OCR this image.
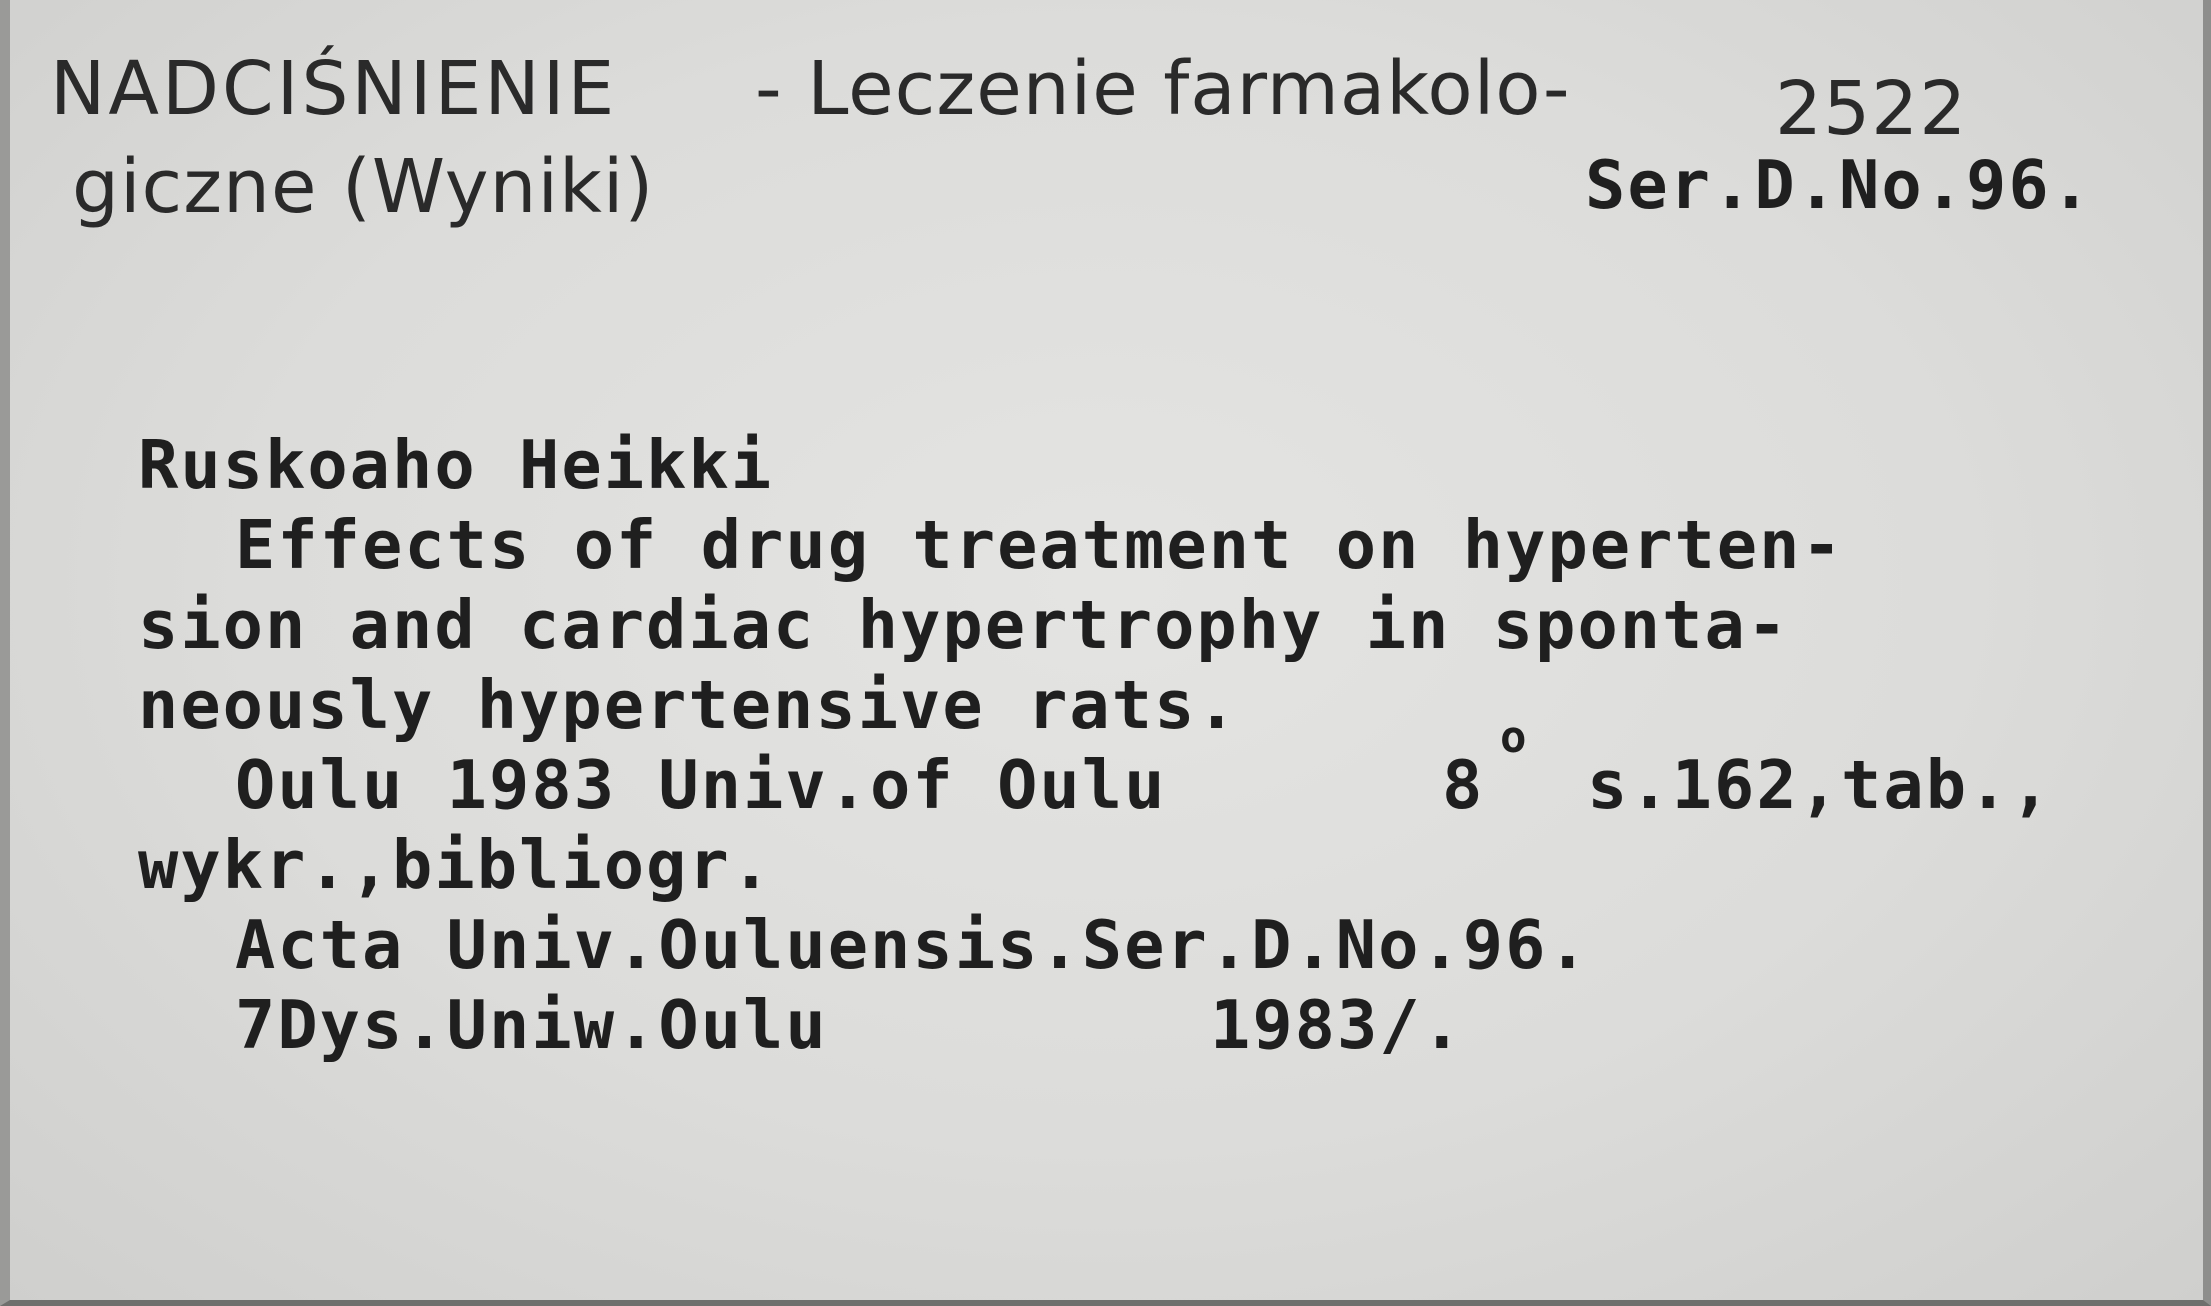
NADCIŚNIENIE - Leczenie farmakolo-	2522
giczne (Wyniki)	Ser.D.No.96.
Ruskoaho Heikki
Effects of drug treatment on hyperten-
sion and cardiac hypertrophy in sponta-
neously hypertensive rats.
Oulu 1983 Univ.of Oulu	8
o
s.162,tab.,
wykr.,bibliogr.
Acta Univ.Ouluensis.Ser.D.No.96.
7Dys.Uniw.Oulu	1983/.
